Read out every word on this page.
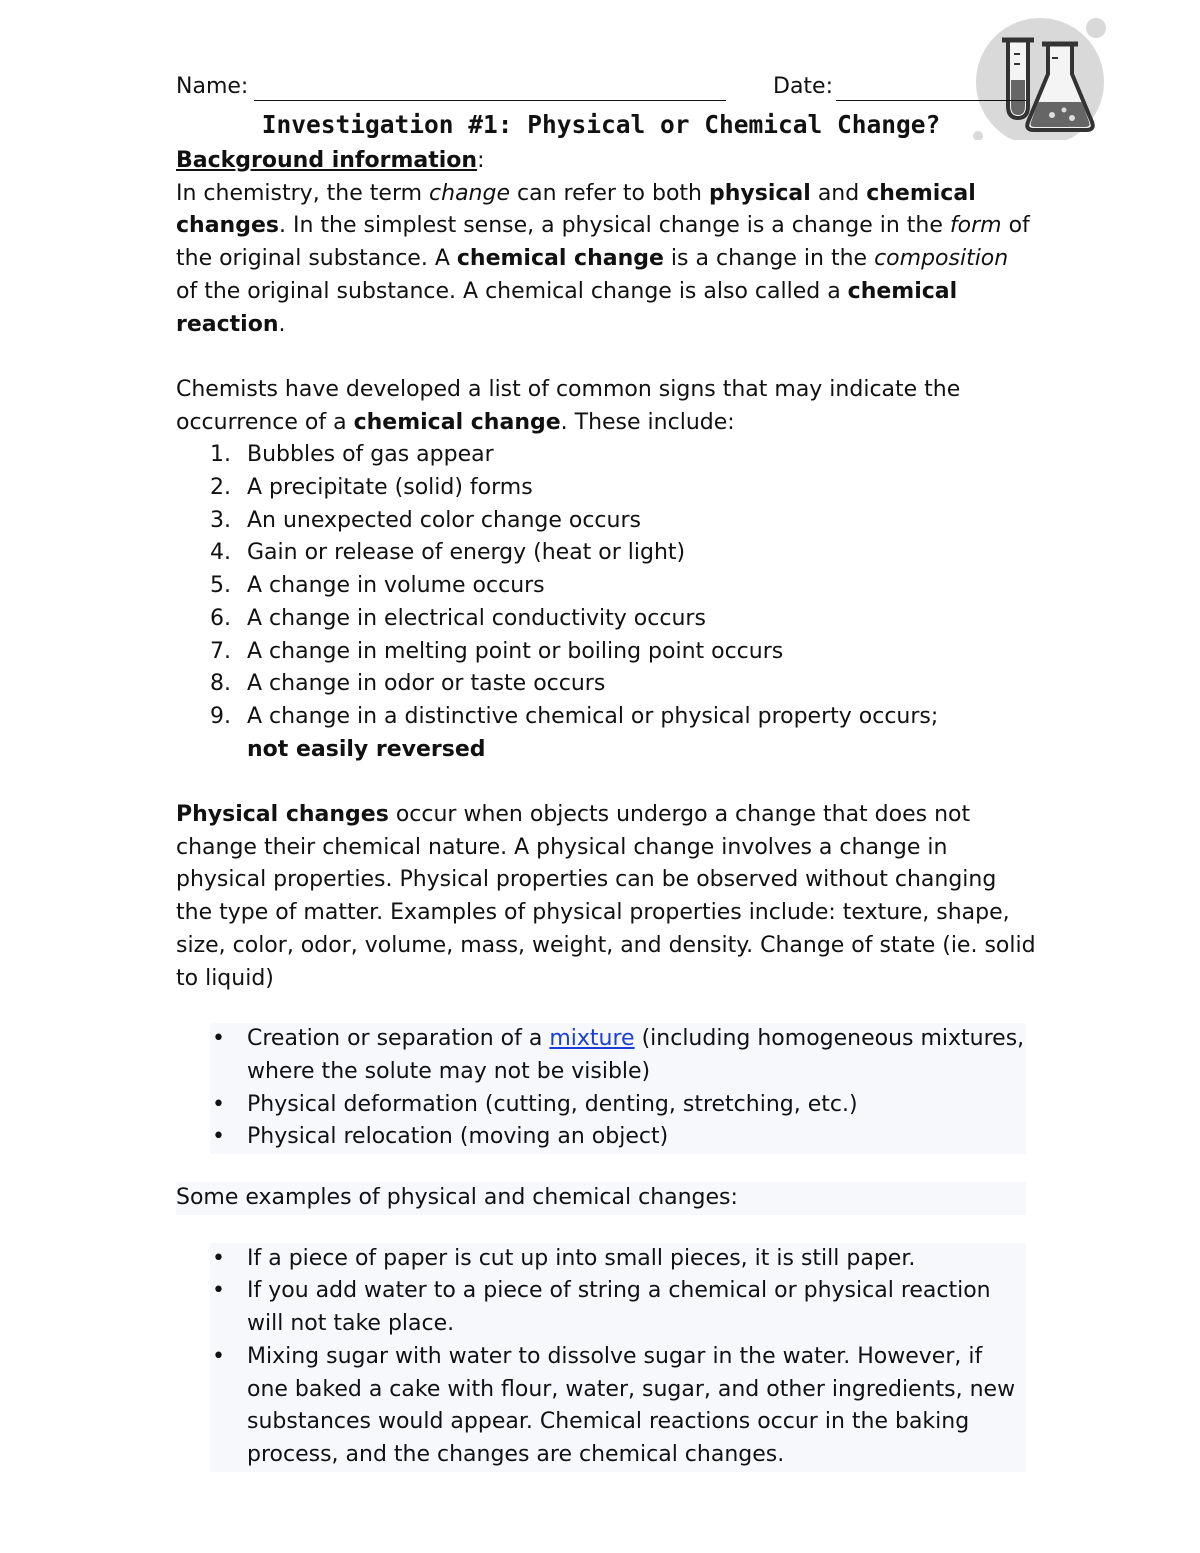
Name:	Date:
Investigation #1: Physical or Chemical Change?

Background information:

In chemistry, the term change can refer to both physical and chemical
changes. In the simplest sense, a physical change is a change in the form of the original substance. A chemical change is a change in the composition of the original substance. A chemical change is also called a chemical reaction.

Chemists have developed a list of common signs that may indicate the occurrence of a chemical change. These include:

1. Bubbles of gas appear
2. A precipitate (solid) forms
3. An unexpected color change occurs
4. Gain or release of energy (heat or light)
5. A change in volume occurs
6. A change in electrical conductivity occurs
7. A change in melting point or boiling point occurs
8. A change in odor or taste occurs
9. A change in a distinctive chemical or physical property occurs;
not easily reversed

Physical changes occur when objects undergo a change that does not change their chemical nature. A physical change involves a change in physical properties. Physical properties can be observed without changing the type of matter. Examples of physical properties include: texture, shape, size, color, odor, volume, mass, weight, and density. Change of state (ie. solid to liquid)

• Creation or separation of a mixture (including homogeneous mixtures, where the solute may not be visible)
• Physical deformation (cutting, denting, stretching, etc.)
• Physical relocation (moving an object)

Some examples of physical and chemical changes:

• If a piece of paper is cut up into small pieces, it is still paper.
• If you add water to a piece of string a chemical or physical reaction will not take place.
• Mixing sugar with water to dissolve sugar in the water. However, if one baked a cake with flour, water, sugar, and other ingredients, new substances would appear. Chemical reactions occur in the baking process, and the changes are chemical changes.
